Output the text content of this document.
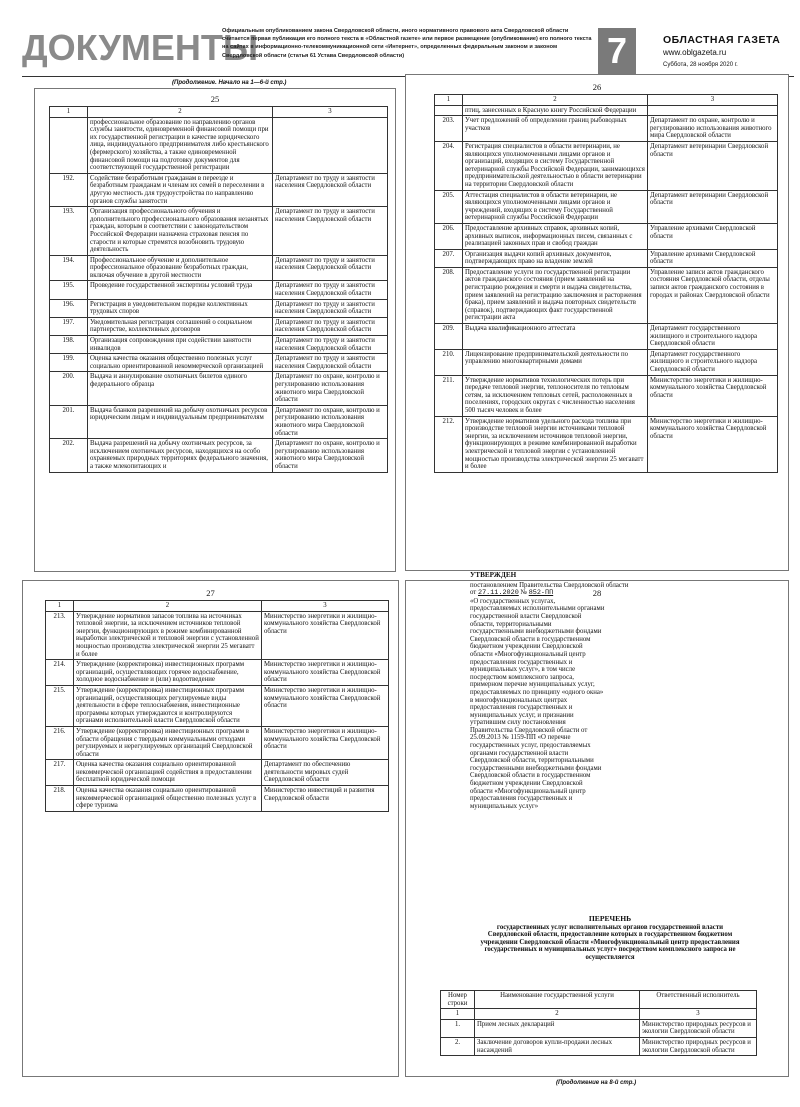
ДОКУМЕНТЫ
Официальным опубликованием закона Свердловской области, иного нормативного правового акта Свердловской области считается первая публикация его полного текста в «Областной газете» или первое размещение (опубликование) его полного текста на сайтах в информационно-телекоммуникационной сети «Интернет», определенных федеральным законом и законом Свердловской области (статья 61 Устава Свердловской области)	7	ОБЛАСТНАЯ ГАЗЕТА
www.oblgazeta.ru
Суббота, 28 ноября 2020 г.
(Продолжение. Начало на 1—6-й стр.)
25
1	2	3
	профессиональное образование по направлению органов службы занятости, единовременной финансовой помощи при их государственной регистрации в качестве юридического лица, индивидуального предпринимателя либо крестьянского (фермерского) хозяйства, а также единовременной финансовой помощи на подготовку документов для соответствующей государственной регистрации	
192.	Содействие безработным гражданам в переезде и безработным гражданам и членам их семей в переселении в другую местность для трудоустройства по направлению органов службы занятости	Департамент по труду и занятости населения Свердловской области
193.	Организация профессионального обучения и дополнительного профессионального образования незанятых граждан, которым в соответствии с законодательством Российской Федерации назначена страховая пенсия по старости и которые стремятся возобновить трудовую деятельность	Департамент по труду и занятости населения Свердловской области
194.	Профессиональное обучение и дополнительное профессиональное образование безработных граждан, включая обучение в другой местности	Департамент по труду и занятости населения Свердловской области
195.	Проведение государственной экспертизы условий труда	Департамент по труду и занятости населения Свердловской области
196.	Регистрация в уведомительном порядке коллективных трудовых споров	Департамент по труду и занятости населения Свердловской области
197.	Уведомительная регистрация соглашений о социальном партнерстве, коллективных договоров	Департамент по труду и занятости населения Свердловской области
198.	Организация сопровождения при содействии занятости инвалидов	Департамент по труду и занятости населения Свердловской области
199.	Оценка качества оказания общественно полезных услуг социально ориентированной некоммерческой организацией	Департамент по труду и занятости населения Свердловской области
200.	Выдача и аннулирование охотничьих билетов единого федерального образца	Департамент по охране, контролю и регулированию использования животного мира Свердловской области
201.	Выдача бланков разрешений на добычу охотничьих ресурсов юридическим лицам и индивидуальным предпринимателям	Департамент по охране, контролю и регулированию использования животного мира Свердловской области
202.	Выдача разрешений на добычу охотничьих ресурсов, за исключением охотничьих ресурсов, находящихся на особо охраняемых природных территориях федерального значения, а также млекопитающих и	Департамент по охране, контролю и регулированию использования животного мира Свердловской области
26
1	2	3
	птиц, занесенных в Красную книгу Российской Федерации	
203.	Учет предложений об определении границ рыбоводных участков	Департамент по охране, контролю и регулированию использования животного мира Свердловской области
204.	Регистрация специалистов в области ветеринарии, не являющихся уполномоченными лицами органов и организаций, входящих в систему Государственной ветеринарной службы Российской Федерации, занимающихся предпринимательской деятельностью в области ветеринарии на территории Свердловской области	Департамент ветеринарии Свердловской области
205.	Аттестация специалистов в области ветеринарии, не являющихся уполномоченными лицами органов и учреждений, входящих в систему Государственной ветеринарной службы Российской Федерации	Департамент ветеринарии Свердловской области
206.	Предоставление архивных справок, архивных копий, архивных выписок, информационных писем, связанных с реализацией законных прав и свобод граждан	Управление архивами Свердловской области
207.	Организация выдачи копий архивных документов, подтверждающих право на владение землей	Управление архивами Свердловской области
208.	Предоставление услуги по государственной регистрации актов гражданского состояния (прием заявлений на регистрацию рождения и смерти и выдача свидетельства, прием заявлений на регистрацию заключения и расторжения брака), прием заявлений и выдача повторных свидетельств (справок), подтверждающих факт государственной регистрации акта	Управление записи актов гражданского состояния Свердловской области, отделы записи актов гражданского состояния в городах и районах Свердловской области
209.	Выдача квалификационного аттестата	Департамент государственного жилищного и строительного надзора Свердловской области
210.	Лицензирование предпринимательской деятельности по управлению многоквартирными домами	Департамент государственного жилищного и строительного надзора Свердловской области
211.	Утверждение нормативов технологических потерь при передаче тепловой энергии, теплоносителя по тепловым сетям, за исключением тепловых сетей, расположенных в поселениях, городских округах с численностью населения 500 тысяч человек и более	Министерство энергетики и жилищно-коммунального хозяйства Свердловской области
212.	Утверждение нормативов удельного расхода топлива при производстве тепловой энергии источниками тепловой энергии, за исключением источников тепловой энергии, функционирующих в режиме комбинированной выработки электрической и тепловой энергии с установленной мощностью производства электрической энергии 25 мегаватт и более	Министерство энергетики и жилищно-коммунального хозяйства Свердловской области
27
1	2	3
213.	Утверждение нормативов запасов топлива на источниках тепловой энергии, за исключением источников тепловой энергии, функционирующих в режиме комбинированной выработки электрической и тепловой энергии с установленной мощностью производства электрической энергии 25 мегаватт и более	Министерство энергетики и жилищно-коммунального хозяйства Свердловской области
214.	Утверждение (корректировка) инвестиционных программ организаций, осуществляющих горячее водоснабжение, холодное водоснабжение и (или) водоотведение	Министерство энергетики и жилищно-коммунального хозяйства Свердловской области
215.	Утверждение (корректировка) инвестиционных программ организаций, осуществляющих регулируемые виды деятельности в сфере теплоснабжения, инвестиционные программы которых утверждаются и контролируются органами исполнительной власти Свердловской области	Министерство энергетики и жилищно-коммунального хозяйства Свердловской области
216.	Утверждение (корректировка) инвестиционных программ в области обращения с твердыми коммунальными отходами регулируемых и нерегулируемых организаций Свердловской области	Министерство энергетики и жилищно-коммунального хозяйства Свердловской области
217.	Оценка качества оказания социально ориентированной некоммерческой организацией содействия в предоставлении бесплатной юридической помощи	Департамент по обеспечению деятельности мировых судей Свердловской области
218.	Оценка качества оказания социально ориентированной некоммерческой организацией общественно полезных услуг в сфере туризма	Министерство инвестиций и развития Свердловской области
28
УТВЕРЖДЕН
постановлением Правительства Свердловской области
от 27.11.2020 № 852-ПП
«О государственных услугах, предоставляемых исполнительными органами государственной власти Свердловской области, территориальными государственными внебюджетными фондами Свердловской области в государственном бюджетном учреждении Свердловской области «Многофункциональный центр предоставления государственных и муниципальных услуг», в том числе посредством комплексного запроса, примерном перечне муниципальных услуг, предоставляемых по принципу «одного окна» в многофункциональных центрах предоставления государственных и муниципальных услуг, и признании утратившим силу постановления Правительства Свердловской области от 25.09.2013 № 1159-ПП «О перечне государственных услуг, предоставляемых органами государственной власти Свердловской области, территориальными государственными внебюджетными фондами Свердловской области в государственном бюджетном учреждении Свердловской области «Многофункциональный центр предоставления государственных и муниципальных услуг»
ПЕРЕЧЕНЬ
государственных услуг исполнительных органов государственной власти Свердловской области, предоставление которых в государственном бюджетном учреждении Свердловской области «Многофункциональный центр предоставления государственных и муниципальных услуг» посредством комплексного запроса не осуществляется
Номер строки	Наименование государственной услуги	Ответственный исполнитель
1	2	3
1.	Прием лесных деклараций	Министерство природных ресурсов и экологии Свердловской области
2.	Заключение договоров купли-продажи лесных насаждений	Министерство природных ресурсов и экологии Свердловской области
(Продолжение на 8-й стр.)
